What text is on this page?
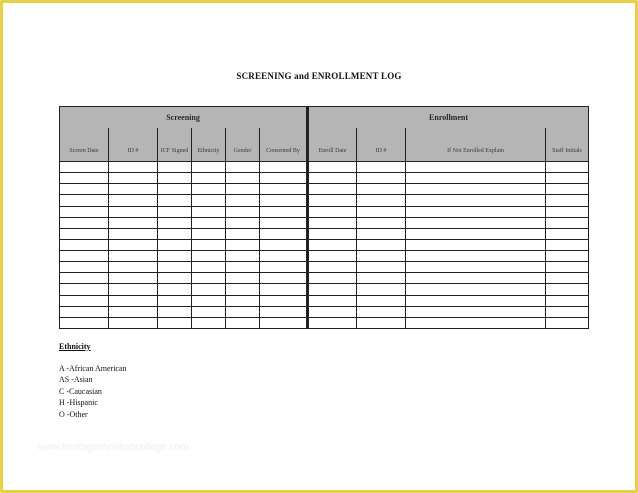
SCREENING and ENROLLMENT LOG
Screening						Enrollment			
Screen Date	ID #	ICF Signed	Ethnicity	Gender	Consented By	Enroll Date	ID #	If Not Enrolled Explain	Staff Initials

Ethnicity
A -African American
AS -Asian
C -Caucasian
H -Hispanic
O -Other
www.heritagechristiancollege.com
